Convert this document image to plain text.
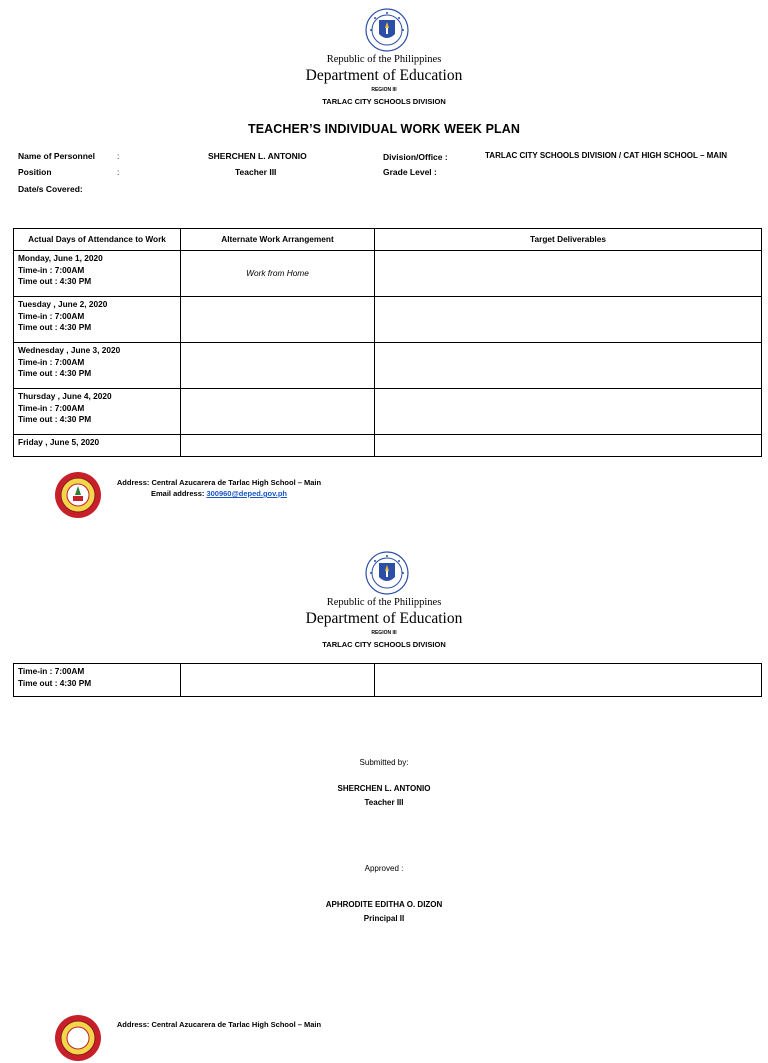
Republic of the Philippines
Department of Education
REGION III
TARLAC CITY SCHOOLS DIVISION
TEACHER’S INDIVIDUAL WORK WEEK PLAN
Name of Personnel	:	SHERCHEN L. ANTONIO	Division/Office :	TARLAC CITY SCHOOLS DIVISION / CAT HIGH SCHOOL – MAIN
Position	:	Teacher III	Grade Level :
Date/s Covered:
Actual Days of Attendance to Work	Alternate Work Arrangement	Target Deliverables

Monday, June 1, 2020
Time-in : 7:00AM
Time out : 4:30 PM	Work from Home	

Tuesday , June 2, 2020
Time-in : 7:00AM
Time out : 4:30 PM		

Wednesday , June 3, 2020
Time-in : 7:00AM
Time out : 4:30 PM		

Thursday , June 4, 2020
Time-in : 7:00AM
Time out : 4:30 PM		

Friday , June 5, 2020		

Address: Central Azucarera de Tarlac High School – Main
Email address: 300960@deped.gov.ph
Republic of the Philippines
Department of Education
REGION III
TARLAC CITY SCHOOLS DIVISION
Time-in : 7:00AM
Time out : 4:30 PM

Submitted by:
SHERCHEN L. ANTONIO
Teacher III
Approved :
APHRODITE EDITHA O. DIZON
Principal II
Address: Central Azucarera de Tarlac High School – Main
